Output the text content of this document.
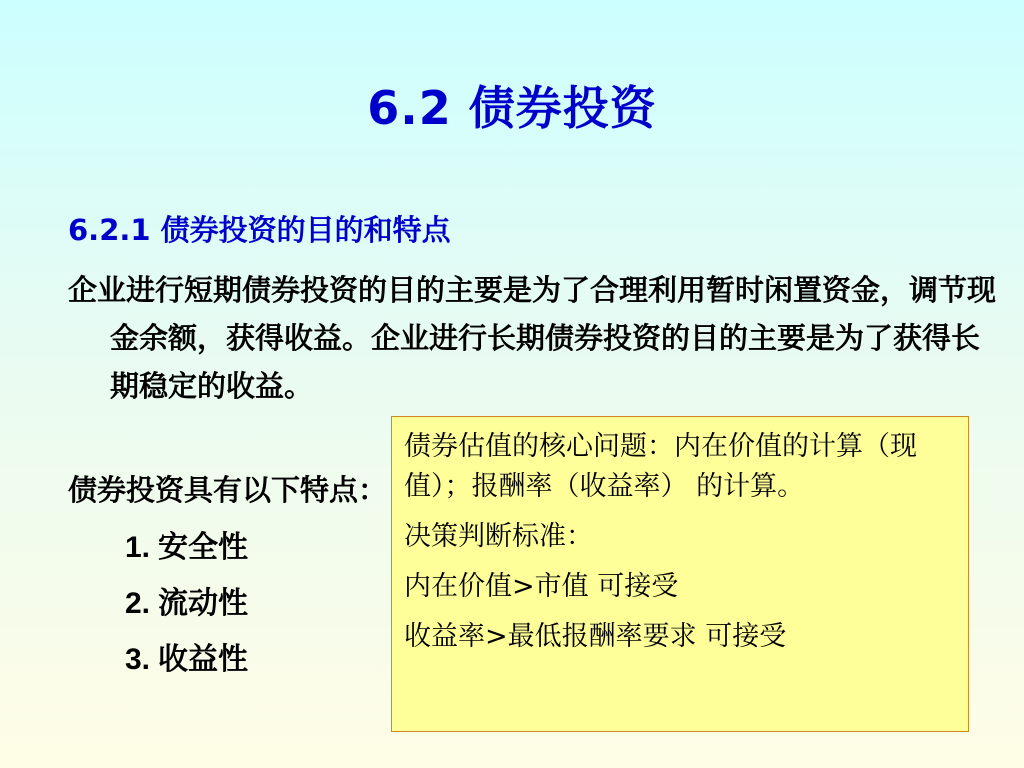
6.2 债券投资
6.2.1 债券投资的目的和特点

企业进行短期债券投资的目的主要是为了合理利用暂时闲置资金，调节现金余额，获得收益。企业进行长期债券投资的目的主要是为了获得长期稳定的收益。

债券投资具有以下特点：

1. 安全性
2. 流动性
3. 收益性

债券估值的核心问题：内在价值的计算（现值）；报酬率（收益率） 的计算。

决策判断标准：

内在价值>市值 可接受

收益率>最低报酬率要求 可接受
